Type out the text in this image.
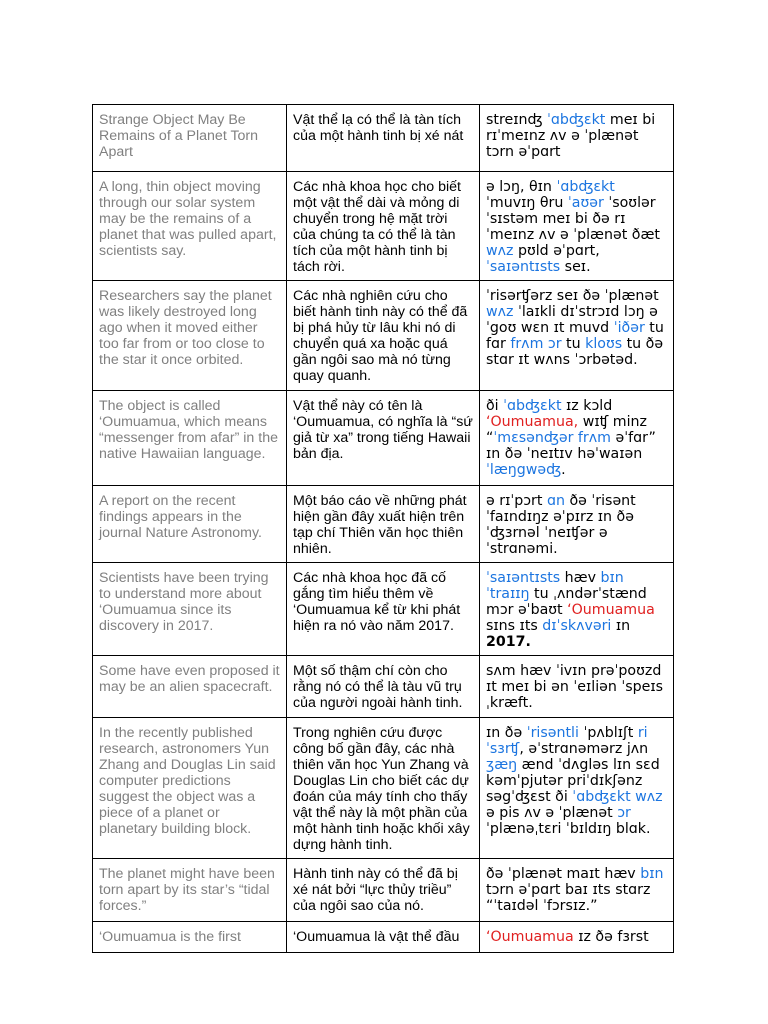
Strange Object May Be Remains of a Planet Torn Apart	Vật thể lạ có thể là tàn tích của một hành tinh bị xé nát	streɪnʤ ˈɑbʤɛkt meɪ bi rɪˈmeɪnz ʌv ə ˈplænət tɔrn əˈpɑrt
A long, thin object moving through our solar system may be the remains of a planet that was pulled apart, scientists say.	Các nhà khoa học cho biết một vật thể dài và mỏng di chuyển trong hệ mặt trời của chúng ta có thể là tàn tích của một hành tinh bị tách rời.	ə lɔŋ, θɪn ˈɑbʤɛkt ˈmuvɪŋ θru ˈaʊər ˈsoʊlər ˈsɪstəm meɪ bi ðə rɪˈmeɪnz ʌv ə ˈplænət ðæt wʌz pʊld əˈpɑrt, ˈsaɪəntɪsts seɪ.
Researchers say the planet was likely destroyed long ago when it moved either too far from or too close to the star it once orbited.	Các nhà nghiên cứu cho biết hành tinh này có thể đã bị phá hủy từ lâu khi nó di chuyển quá xa hoặc quá gần ngôi sao mà nó từng quay quanh.	ˈrisərʧərz seɪ ðə ˈplænət wʌz ˈlaɪkli dɪˈstrɔɪd lɔŋ əˈgoʊ wɛn ɪt muvd ˈiðər tu fɑr frʌm ɔr tu kloʊs tu ðə stɑr ɪt wʌns ˈɔrbətəd.
The object is called ‘Oumuamua, which means “messenger from afar” in the native Hawaiian language.	Vật thể này có tên là ‘Oumuamua, có nghĩa là “sứ giả từ xa” trong tiếng Hawaii bản địa.	ði ˈɑbʤɛkt ɪz kɔld ‘Oumuamua, wɪʧ minz “ˈmɛsənʤər frʌm əˈfɑr” ɪn ðə ˈneɪtɪv həˈwaɪən ˈlæŋgwəʤ.
A report on the recent findings appears in the journal Nature Astronomy.	Một báo cáo về những phát hiện gần đây xuất hiện trên tạp chí Thiên văn học thiên nhiên.	ə rɪˈpɔrt ɑn ðə ˈrisənt ˈfaɪndɪŋz əˈpɪrz ɪn ðə ˈʤɜrnəl ˈneɪʧər əˈstrɑnəmi.
Scientists have been trying to understand more about ‘Oumuamua since its discovery in 2017.	Các nhà khoa học đã cố gắng tìm hiểu thêm về ‘Oumuamua kể từ khi phát hiện ra nó vào năm 2017.	ˈsaɪəntɪsts hæv bɪn ˈtraɪɪŋ tu ˌʌndərˈstænd mɔr əˈbaʊt ‘Oumuamua sɪns ɪts dɪˈskʌvəri ɪn 2017.
Some have even proposed it may be an alien spacecraft.	Một số thậm chí còn cho rằng nó có thể là tàu vũ trụ của người ngoài hành tinh.	sʌm hæv ˈivɪn prəˈpoʊzd ɪt meɪ bi ən ˈeɪliən ˈspeɪsˌkræft.
In the recently published research, astronomers Yun Zhang and Douglas Lin said computer predictions suggest the object was a piece of a planet or planetary building block.	Trong nghiên cứu được công bố gần đây, các nhà thiên văn học Yun Zhang và Douglas Lin cho biết các dự đoán của máy tính cho thấy vật thể này là một phần của một hành tinh hoặc khối xây dựng hành tinh.	ɪn ðə ˈrisəntli ˈpʌblɪʃt riˈsɜrʧ, əˈstrɑnəmərz jʌn ʒæŋ ænd ˈdʌgləs lɪn sɛd kəmˈpjutər priˈdɪkʃənz səgˈʤɛst ði ˈɑbʤɛkt wʌz ə pis ʌv ə ˈplænət ɔr ˈplænəˌtɛri ˈbɪldɪŋ blɑk.
The planet might have been torn apart by its star’s “tidal forces.”	Hành tinh này có thể đã bị xé nát bởi “lực thủy triều” của ngôi sao của nó.	ðə ˈplænət maɪt hæv bɪn tɔrn əˈpɑrt baɪ ɪts stɑrz “ˈtaɪdəl ˈfɔrsɪz.”
‘Oumuamua is the first	‘Oumuamua là vật thể đầu	‘Oumuamua ɪz ðə fɜrst
